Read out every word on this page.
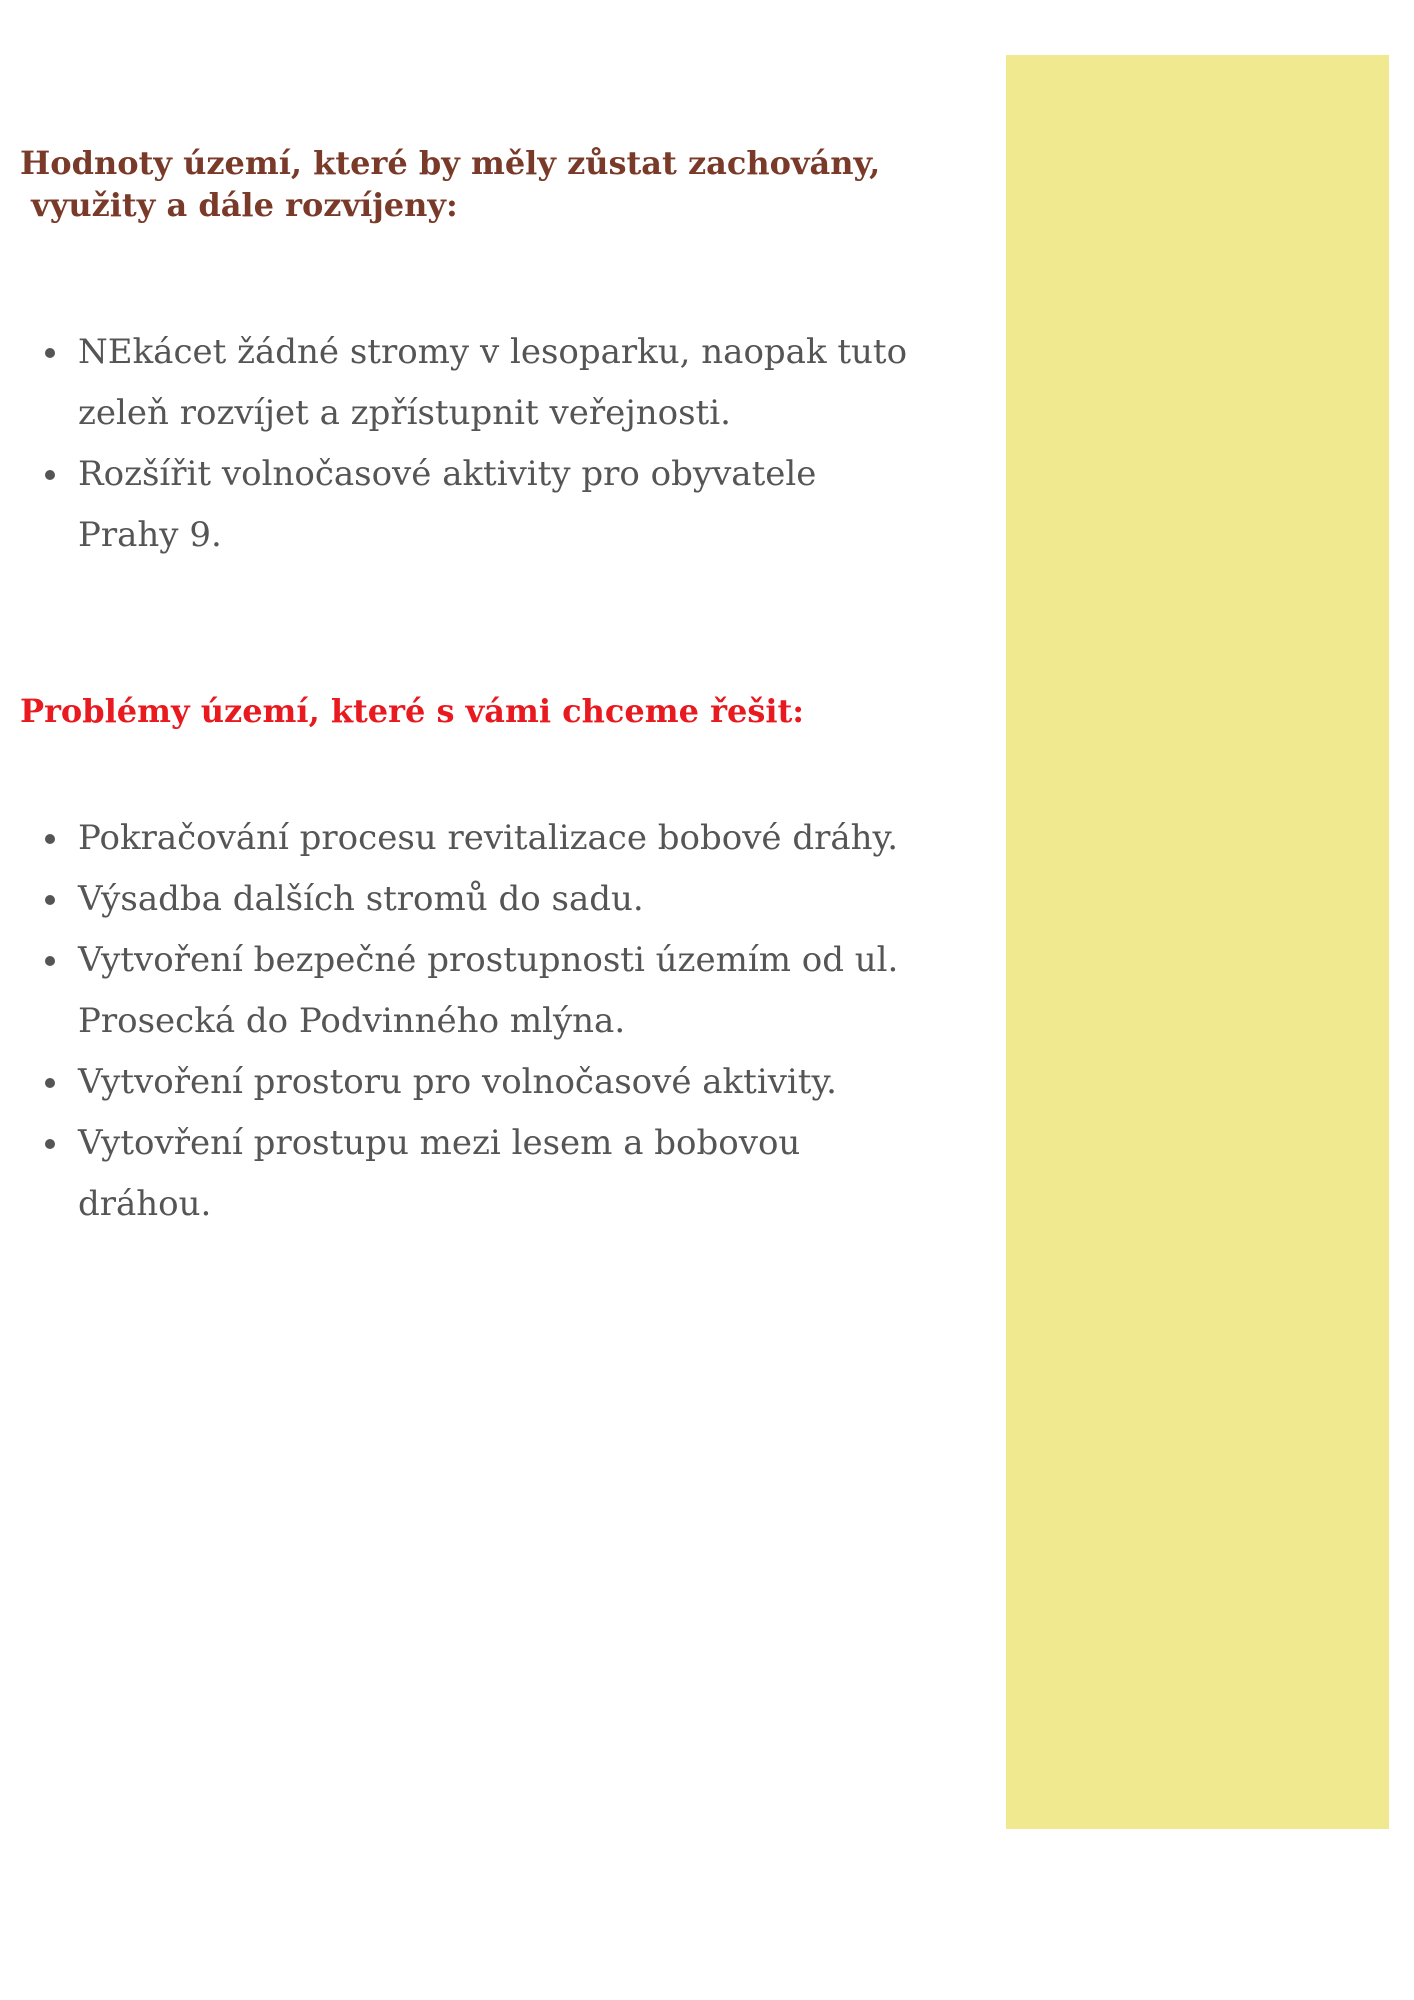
Hodnoty území, které by měly zůstat zachovány,
využity a dále rozvíjeny:
NEkácet žádné stromy v lesoparku, naopak tuto
zeleň rozvíjet a zpřístupnit veřejnosti.
Rozšířit volnočasové aktivity pro obyvatele
Prahy 9.
Problémy území, které s vámi chceme řešit:
Pokračování procesu revitalizace bobové dráhy.
Výsadba dalších stromů do sadu.
Vytvoření bezpečné prostupnosti územím od ul.
Prosecká do Podvinného mlýna.
Vytvoření prostoru pro volnočasové aktivity.
Vytovření prostupu mezi lesem a bobovou
dráhou.
